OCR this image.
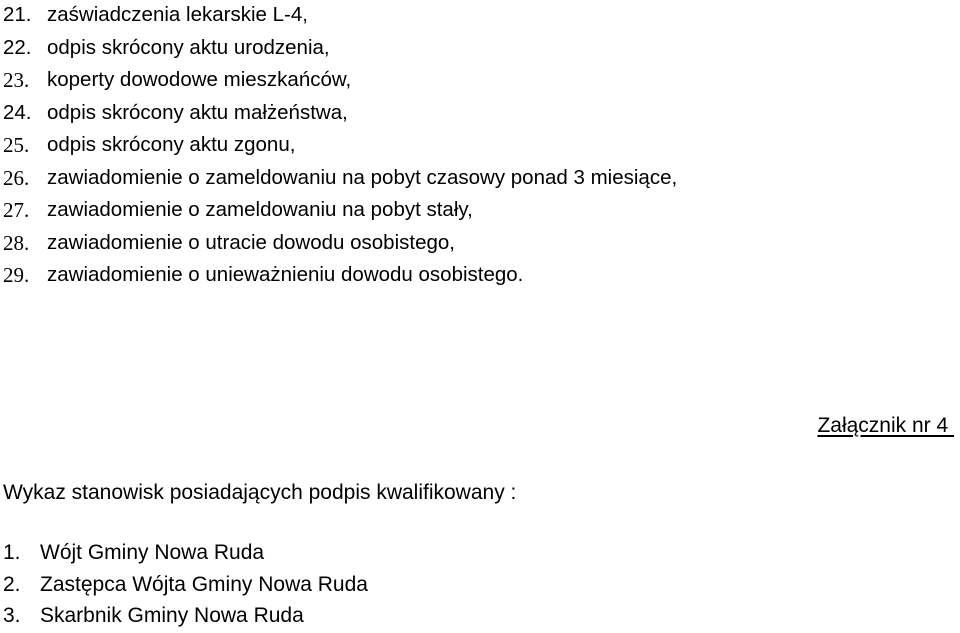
21. zaświadczenia lekarskie L-4,
22. odpis skrócony aktu urodzenia,
23. koperty dowodowe mieszkańców,
24. odpis skrócony aktu małżeństwa,
25. odpis skrócony aktu zgonu,
26. zawiadomienie o zameldowaniu na pobyt czasowy ponad 3 miesiące,
27. zawiadomienie o zameldowaniu na pobyt stały,
28. zawiadomienie o utracie dowodu osobistego,
29. zawiadomienie o unieważnieniu dowodu osobistego.
Załącznik nr 4
Wykaz stanowisk posiadających podpis kwalifikowany :
1. Wójt Gminy Nowa Ruda
2. Zastępca Wójta Gminy Nowa Ruda
3. Skarbnik Gminy Nowa Ruda
